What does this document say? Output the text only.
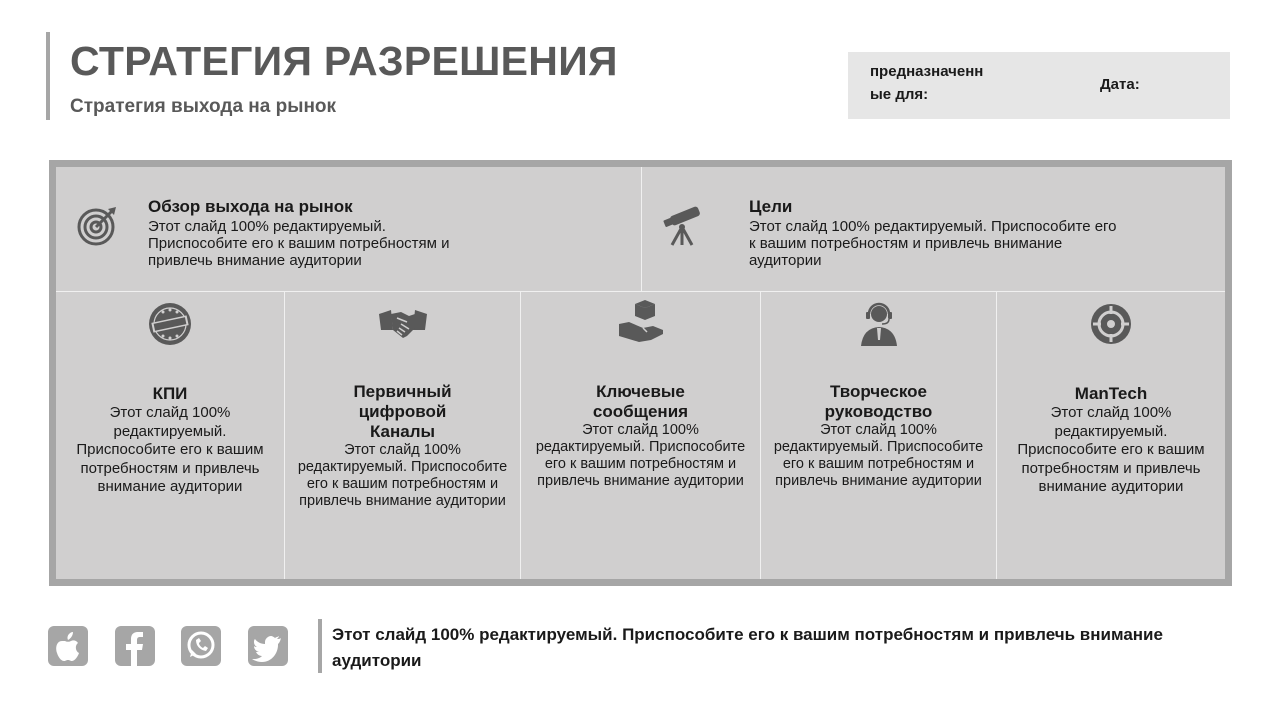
СТРАТЕГИЯ РАЗРЕШЕНИЯ
Стратегия выхода на рынок
предназначенные для:
Дата:
Обзор выхода на рынок
Этот слайд 100% редактируемый. Приспособите его к вашим потребностям и привлечь внимание аудитории
Цели
Этот слайд 100% редактируемый. Приспособите его к вашим потребностям и привлечь внимание аудитории
КПИ
Этот слайд 100% редактируемый. Приспособите его к вашим потребностям и привлечь внимание аудитории
Первичный цифровой Каналы
Этот слайд 100% редактируемый. Приспособите его к вашим потребностям и привлечь внимание аудитории
Ключевые сообщения
Этот слайд 100% редактируемый. Приспособите его к вашим потребностям и привлечь внимание аудитории
Творческое руководство
Этот слайд 100% редактируемый. Приспособите его к вашим потребностям и привлечь внимание аудитории
ManTech
Этот слайд 100% редактируемый. Приспособите его к вашим потребностям и привлечь внимание аудитории
Этот слайд 100% редактируемый. Приспособите его к вашим потребностям и привлечь внимание аудитории
